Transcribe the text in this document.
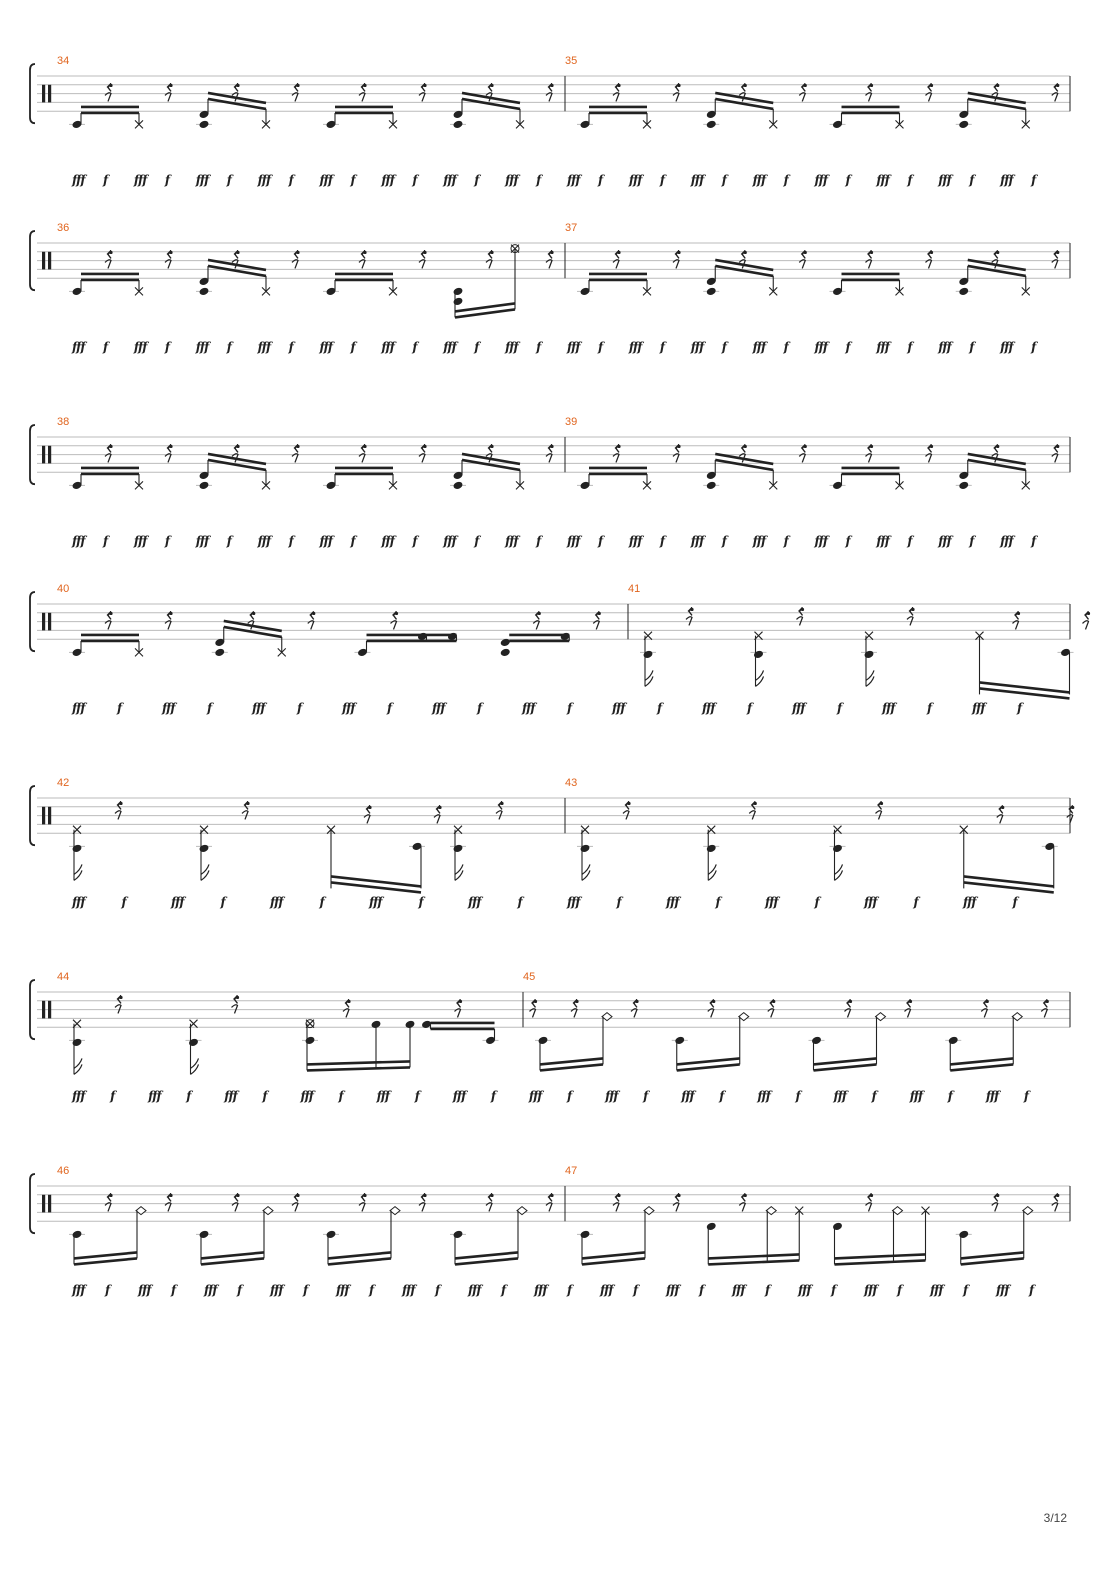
34	35
fff f fff f fff f fff f fff f fff f fff f fff f fff f fff f fff f fff f fff f fff f fff f fff f
36	37
fff f fff f fff f fff f fff f fff f fff f fff f fff f fff f fff f fff f fff f fff f fff f fff f
38	39
fff f fff f fff f fff f fff f fff f fff f fff f fff f fff f fff f fff f fff f fff f fff f fff f
40	41
fff	f	fff	f	fff	f	fff	f	fff	f	fff	f	fff	f	fff	f	fff	f	fff	f	fff	f
42	43
fff	f	fff	f	fff	f	fff	f	fff	f	fff	f	fff	f	fff	f	fff	f	fff	f
44	45
fff f	fff f	fff f	fff f	fff f	fff f	fff f	fff f	fff f	fff f	fff f	fff f	fff f
46	47
fff f fff f fff f fff f fff f fff f fff f fff f fff f fff f fff f fff f fff f fff f fff f
3/12
